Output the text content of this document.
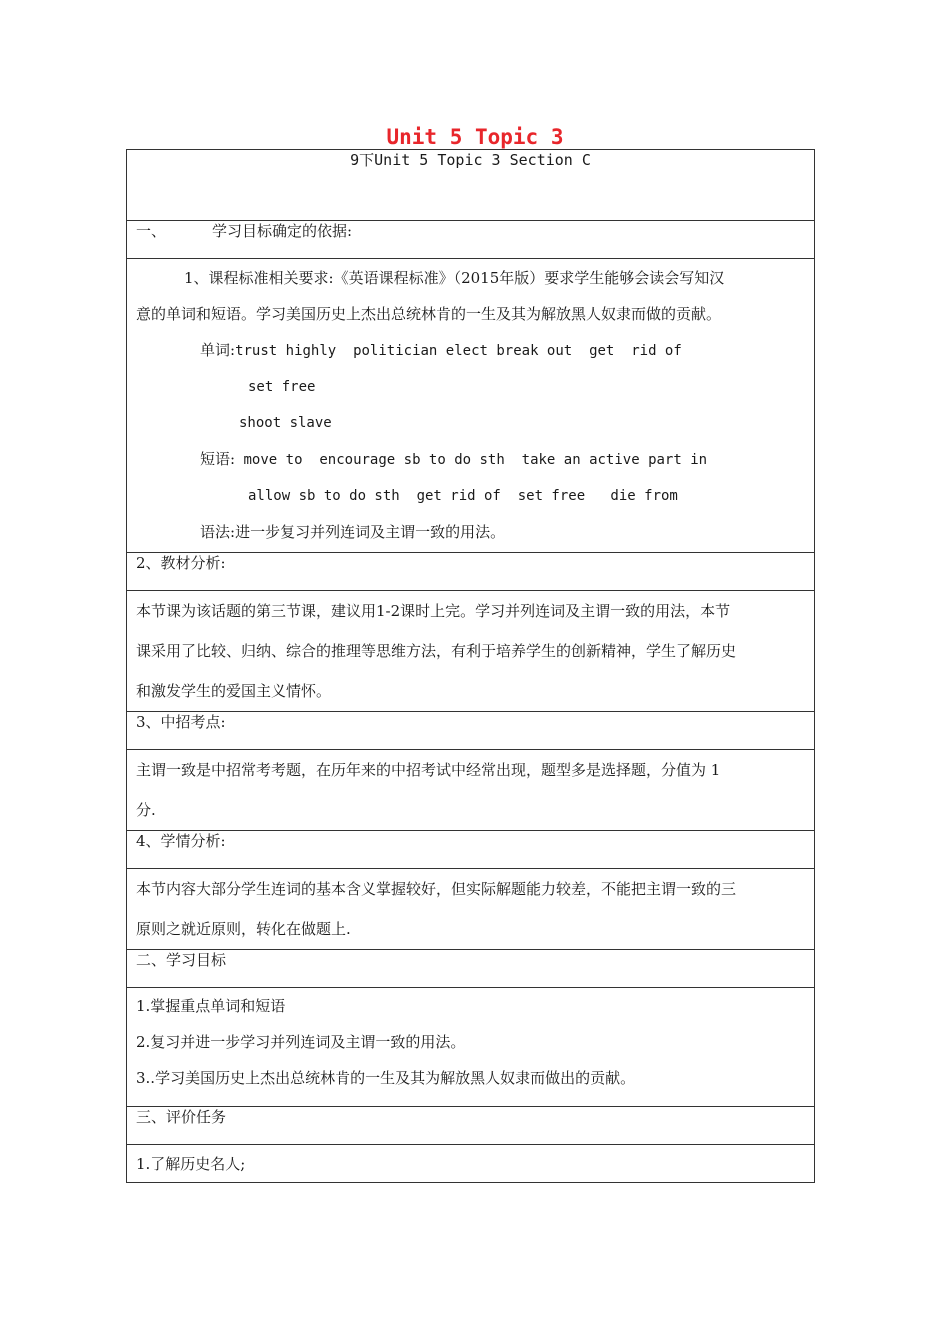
Unit 5 Topic 3
9下Unit 5 Topic 3 Section C
一、	学习目标确定的依据:

1、课程标准相关要求:《英语课程标准》（2015年版）要求学生能够会读会写知汉
意的单词和短语。学习美国历史上杰出总统林肯的一生及其为解放黑人奴隶而做的贡献。
单词:trust highly  politician elect break out  get  rid of
set free
shoot slave
短语: move to  encourage sb to do sth  take an active part in
allow sb to do sth  get rid of  set free   die from
语法:进一步复习并列连词及主谓一致的用法。

2、教材分析:

本节课为该话题的第三节课，建议用1-2课时上完。学习并列连词及主谓一致的用法，本节
课采用了比较、归纳、综合的推理等思维方法，有利于培养学生的创新精神，学生了解历史
和激发学生的爱国主义情怀。

3、中招考点:

主谓一致是中招常考考题，在历年来的中招考试中经常出现，题型多是选择题，分值为 1
分.

4、学情分析:

本节内容大部分学生连词的基本含义掌握较好，但实际解题能力较差，不能把主谓一致的三
原则之就近原则，转化在做题上.

二、学习目标

1.掌握重点单词和短语
2.复习并进一步学习并列连词及主谓一致的用法。
3..学习美国历史上杰出总统林肯的一生及其为解放黑人奴隶而做出的贡献。

三、评价任务

1.了解历史名人;
